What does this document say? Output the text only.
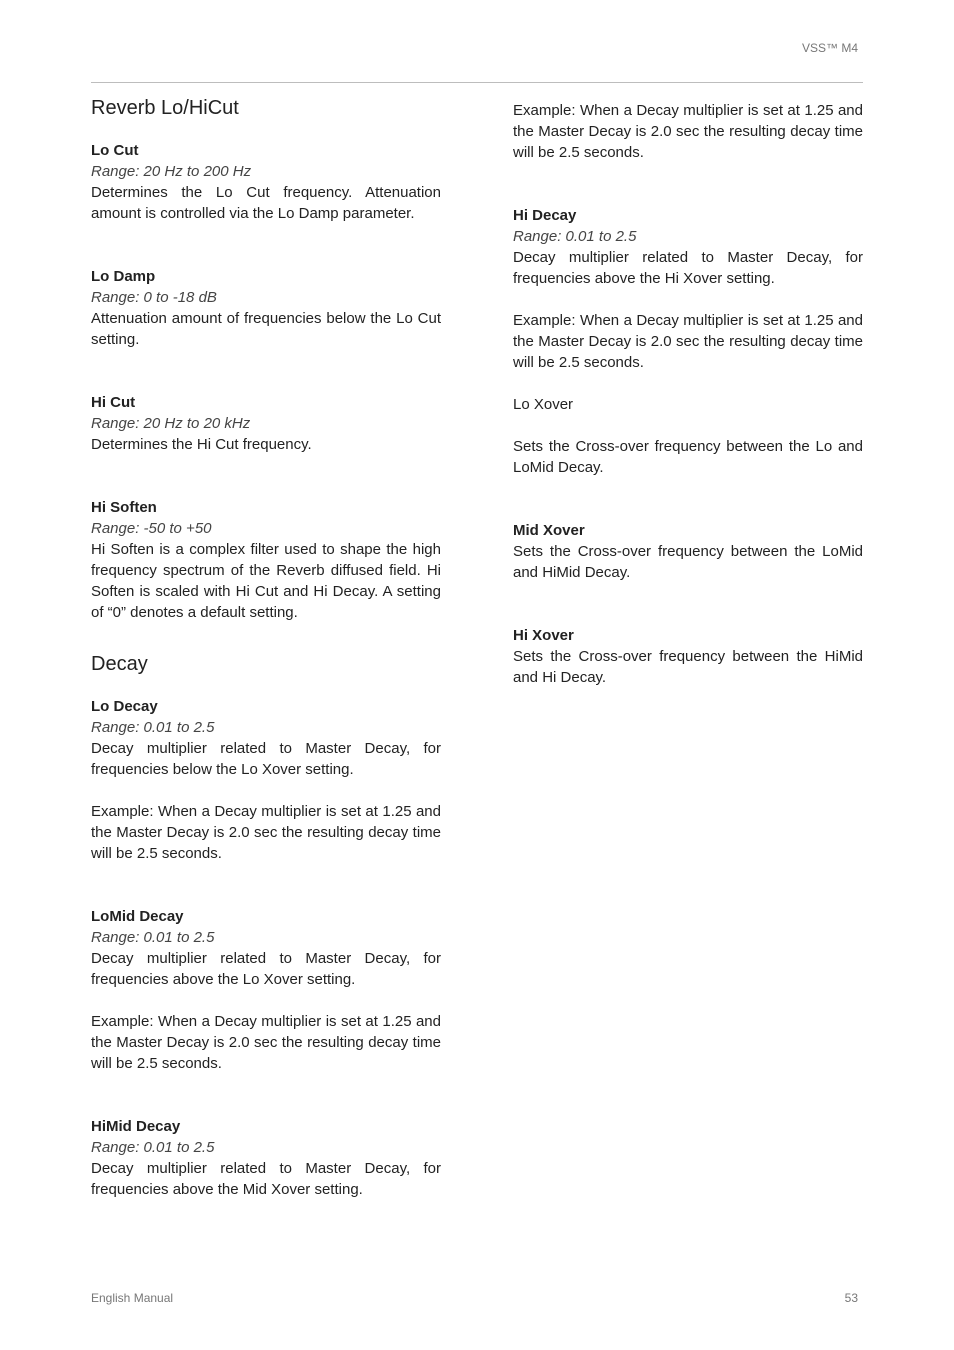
VSS™ M4
Reverb Lo/HiCut
Lo Cut
Range: 20 Hz to 200 Hz

Determines the Lo Cut frequency. Attenuation amount is controlled via the Lo Damp parameter.

Lo Damp
Range: 0 to -18 dB

Attenuation amount of frequencies below the Lo Cut setting.

Hi Cut
Range: 20 Hz to 20 kHz

Determines the Hi Cut frequency.

Hi Soften
Range: -50 to +50

Hi Soften is a complex filter used to shape the high frequency spectrum of the Reverb diffused field. Hi Soften is scaled with Hi Cut and Hi Decay. A setting of “0” denotes a default setting.

Decay
Lo Decay
Range: 0.01 to 2.5

Decay multiplier related to Master Decay, for frequencies below the Lo Xover setting.

Example: When a Decay multiplier is set at 1.25 and the Master Decay is 2.0 sec the resulting decay time will be 2.5 seconds.

LoMid Decay
Range: 0.01 to 2.5

Decay multiplier related to Master Decay, for frequencies above the Lo Xover setting.

Example: When a Decay multiplier is set at 1.25 and the Master Decay is 2.0 sec the resulting decay time will be 2.5 seconds.

HiMid Decay
Range: 0.01 to 2.5

Decay multiplier related to Master Decay, for frequencies above the Mid Xover setting.

Example: When a Decay multiplier is set at 1.25 and the Master Decay is 2.0 sec the resulting decay time will be 2.5 seconds.

Hi Decay
Range: 0.01 to 2.5

Decay multiplier related to Master Decay, for frequencies above the Hi Xover setting.

Example: When a Decay multiplier is set at 1.25 and the Master Decay is 2.0 sec the resulting decay time will be 2.5 seconds.

Lo Xover

Sets the Cross-over frequency between the Lo and LoMid Decay.

Mid Xover

Sets the Cross-over frequency between the LoMid and HiMid Decay.

Hi Xover

Sets the Cross-over frequency between the HiMid and Hi Decay.

English Manual	53
